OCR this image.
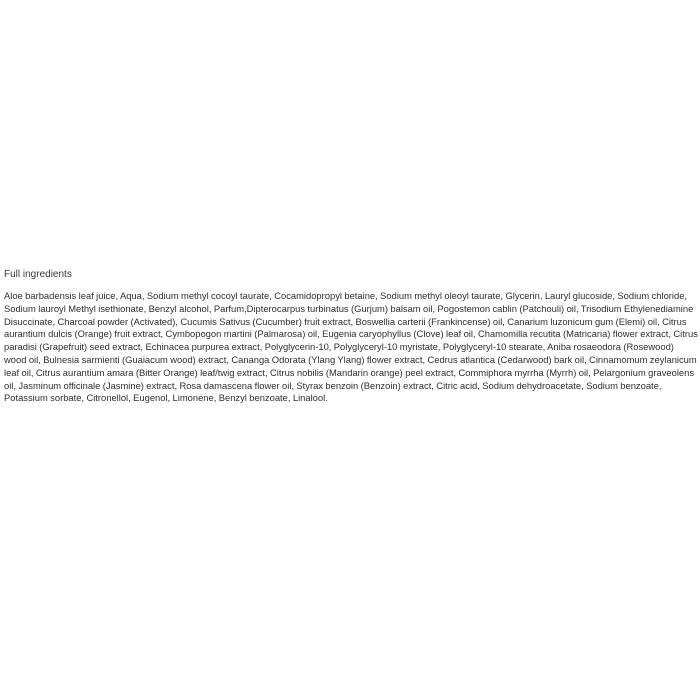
Full ingredients

Aloe barbadensis leaf juice, Aqua, Sodium methyl cocoyl taurate, Cocamidopropyl betaine, Sodium methyl oleoyl taurate, Glycerin, Lauryl glucoside, Sodium chloride, Sodium lauroyl Methyl isethionate, Benzyl alcohol, Parfum,Dipterocarpus turbinatus (Gurjum) balsam oil, Pogostemon cablin (Patchouli) oil, Trisodium Ethylenediamine Disuccinate, Charcoal powder (Activated), Cucumis Sativus (Cucumber) fruit extract, Boswellia carterii (Frankincense) oil, Canarium luzonicum gum (Elemi) oil, Citrus aurantium dulcis (Orange) fruit extract, Cymbopogon martini (Palmarosa) oil, Eugenia caryophyllus (Clove) leaf oil, Chamomilla recutita (Matricaria) flower extract, Citrus paradisi (Grapefruit) seed extract, Echinacea purpurea extract, Polyglycerin-10, Polyglyceryl-10 myristate, Polyglyceryl-10 stearate, Aniba rosaeodora (Rosewood) wood oil, Bulnesia sarmienti (Guaiacum wood) extract, Cananga Odorata (Ylang Ylang) flower extract, Cedrus atlantica (Cedarwood) bark oil, Cinnamomum zeylanicum leaf oil, Citrus aurantium amara (Bitter Orange) leaf/twig extract, Citrus nobilis (Mandarin orange) peel extract, Commiphora myrrha (Myrrh) oil, Pelargonium graveolens oil, Jasminum officinale (Jasmine) extract, Rosa damascena flower oil, Styrax benzoin (Benzoin) extract, Citric acid, Sodium dehydroacetate, Sodium benzoate, Potassium sorbate, Citronellol, Eugenol, Limonene, Benzyl benzoate, Linalool.
